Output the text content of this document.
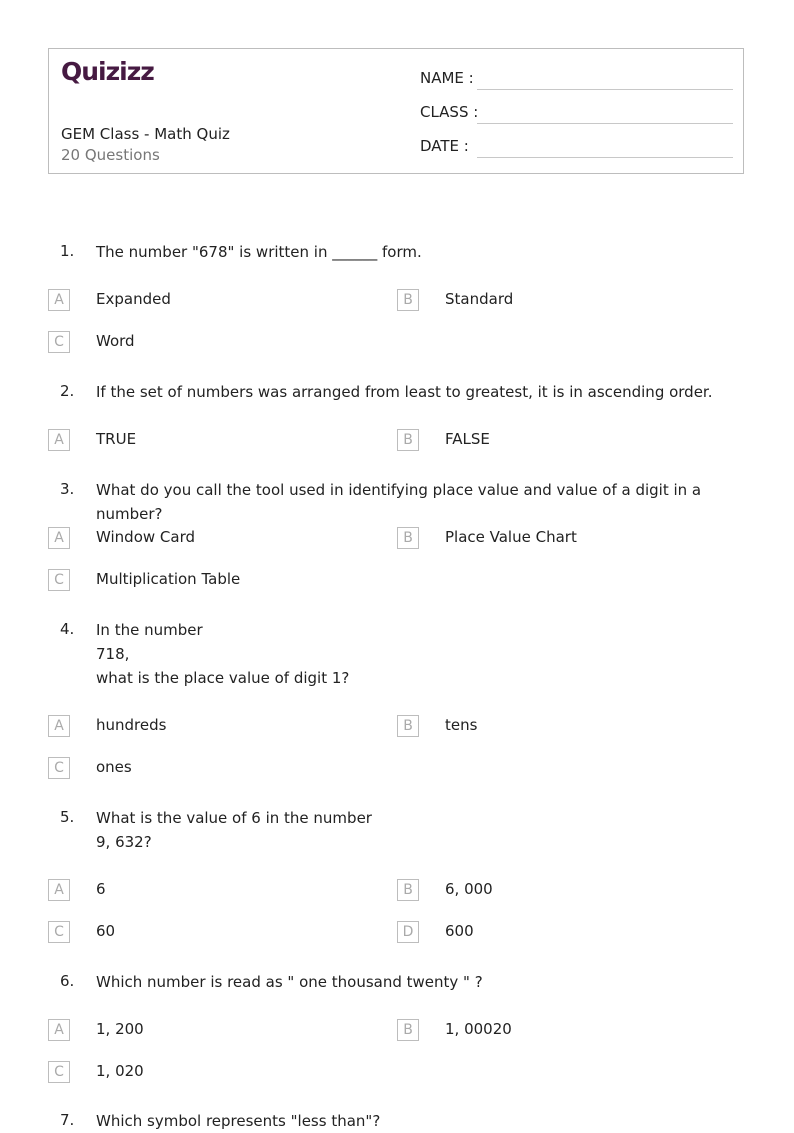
Quizizz
GEM Class - Math Quiz
20 Questions
NAME :
CLASS :
DATE :
1. The number "678" is written in ______ form.
A	Expanded	B	Standard
C	Word
2. If the set of numbers was arranged from least to greatest, it is in ascending order.
A	TRUE	B	FALSE
3. What do you call the tool used in identifying place value and value of a digit in a number?
A	Window Card	B	Place Value Chart
C	Multiplication Table
4. In the number
718,
what is the place value of digit 1?
A	hundreds	B	tens
C	ones
5. What is the value of 6 in the number
9, 632?
A	6	B	6, 000
C	60	D	600
6. Which number is read as " one thousand twenty " ?
A	1, 200	B	1, 00020
C	1, 020
7. Which symbol represents "less than"?
